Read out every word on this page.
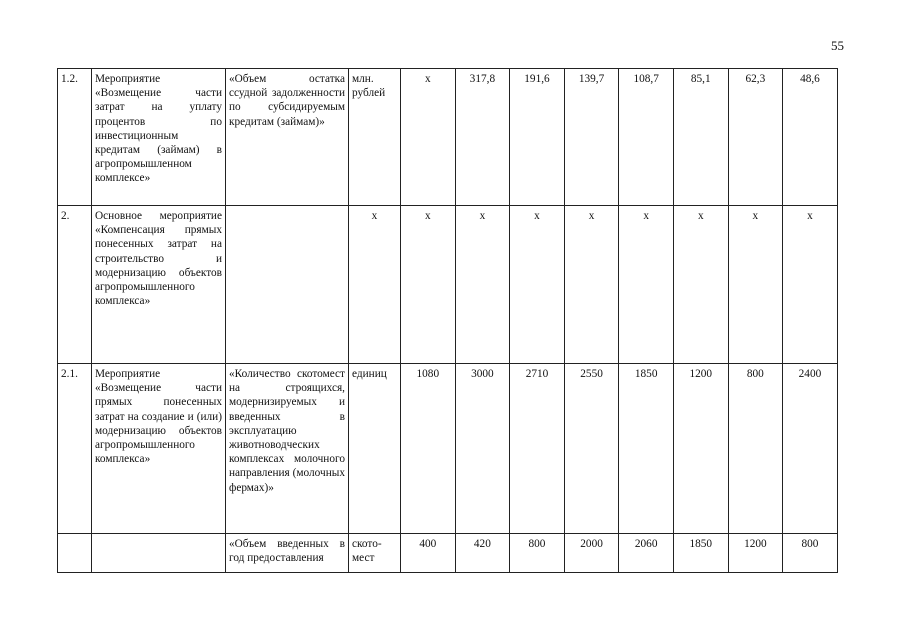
55
1.2.	Мероприятие «Возмещение части затрат на уплату процентов по инвестиционным кредитам (займам) в агропромышленном комплексе»	«Объем остатка ссудной задолженности по субсидируемым кредитам (займам)»	млн. рублей	x	317,8	191,6	139,7	108,7	85,1	62,3	48,6
2.	Основное мероприятие «Компенсация прямых понесенных затрат на строительство и модернизацию объектов агропромышленного комплекса»		x	x	x	x	x	x	x	x	x
2.1.	Мероприятие «Возмещение части прямых понесенных затрат на создание и (или) модернизацию объектов агропромышленного комплекса»	«Количество скотомест на строящихся, модернизируемых и введенных в эксплуатацию животноводческих комплексах молочного направления (молочных фермах)»	единиц	1080	3000	2710	2550	1850	1200	800	2400
		«Объем введенных в год предоставления	ското-мест	400	420	800	2000	2060	1850	1200	800
